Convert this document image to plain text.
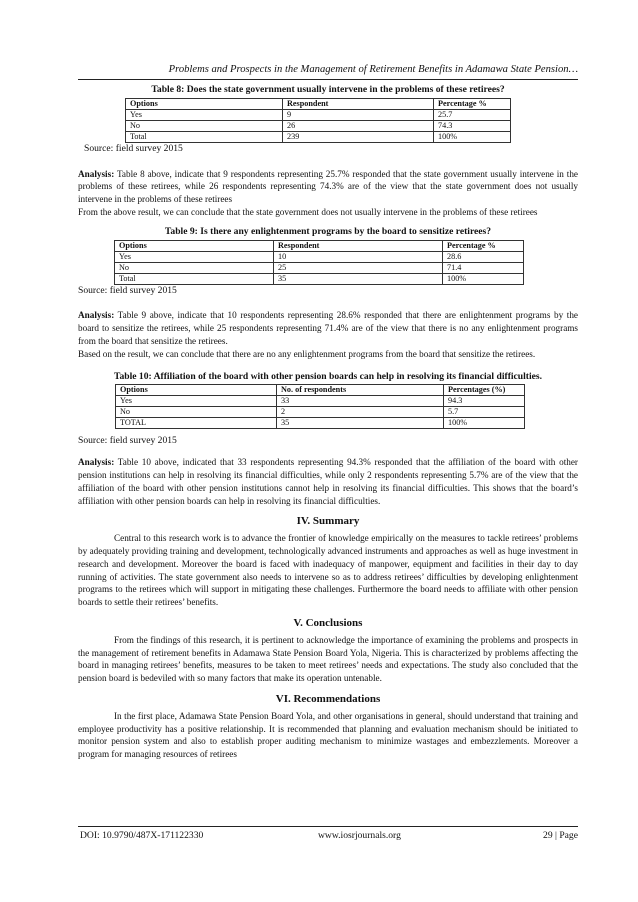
Problems and Prospects in the Management of Retirement Benefits in Adamawa State Pension…
Table 8: Does the state government usually intervene in the problems of these retirees?
Options	Respondent	Percentage %
Yes	9	25.7
No	26	74.3
Total	239	100%

Source: field survey 2015

Analysis: Table 8 above, indicate that 9 respondents representing 25.7% responded that the state government usually intervene in the problems of these retirees, while 26 respondents representing 74.3% are of the view that the state government does not usually intervene in the problems of these retirees

From the above result, we can conclude that the state government does not usually intervene in the problems of these retirees

Table 9: Is there any enlightenment programs by the board to sensitize retirees?
Options	Respondent	Percentage %
Yes	10	28.6
No	25	71.4
Total	35	100%

Source: field survey 2015

Analysis: Table 9 above, indicate that 10 respondents representing 28.6% responded that there are enlightenment programs by the board to sensitize the retirees, while 25 respondents representing 71.4% are of the view that there is no any enlightenment programs from the board that sensitize the retirees.

Based on the result, we can conclude that there are no any enlightenment programs from the board that sensitize the retirees.

Table 10: Affiliation of the board with other pension boards can help in resolving its financial difficulties.
Options	No. of respondents	Percentages (%)
Yes	33	94.3
No	2	5.7
TOTAL	35	100%

Source: field survey 2015

Analysis: Table 10 above, indicated that 33 respondents representing 94.3% responded that the affiliation of the board with other pension institutions can help in resolving its financial difficulties, while only 2 respondents representing 5.7% are of the view that the affiliation of the board with other pension institutions cannot help in resolving its financial difficulties. This shows that the board’s affiliation with other pension boards can help in resolving its financial difficulties.

IV. Summary

Central to this research work is to advance the frontier of knowledge empirically on the measures to tackle retirees’ problems by adequately providing training and development, technologically advanced instruments and approaches as well as huge investment in research and development. Moreover the board is faced with inadequacy of manpower, equipment and facilities in their day to day running of activities. The state government also needs to intervene so as to address retirees’ difficulties by developing enlightenment programs to the retirees which will support in mitigating these challenges. Furthermore the board needs to affiliate with other pension boards to settle their retirees’ benefits.

V. Conclusions

From the findings of this research, it is pertinent to acknowledge the importance of examining the problems and prospects in the management of retirement benefits in Adamawa State Pension Board Yola, Nigeria. This is characterized by problems affecting the board in managing retirees’ benefits, measures to be taken to meet retirees’ needs and expectations. The study also concluded that the pension board is bedeviled with so many factors that make its operation untenable.

VI. Recommendations

In the first place, Adamawa State Pension Board Yola, and other organisations in general, should understand that training and employee productivity has a positive relationship. It is recommended that planning and evaluation mechanism should be initiated to monitor pension system and also to establish proper auditing mechanism to minimize wastages and embezzlements. Moreover a program for managing resources of retirees

DOI: 10.9790/487X-171122330	www.iosrjournals.org	29 | Page
